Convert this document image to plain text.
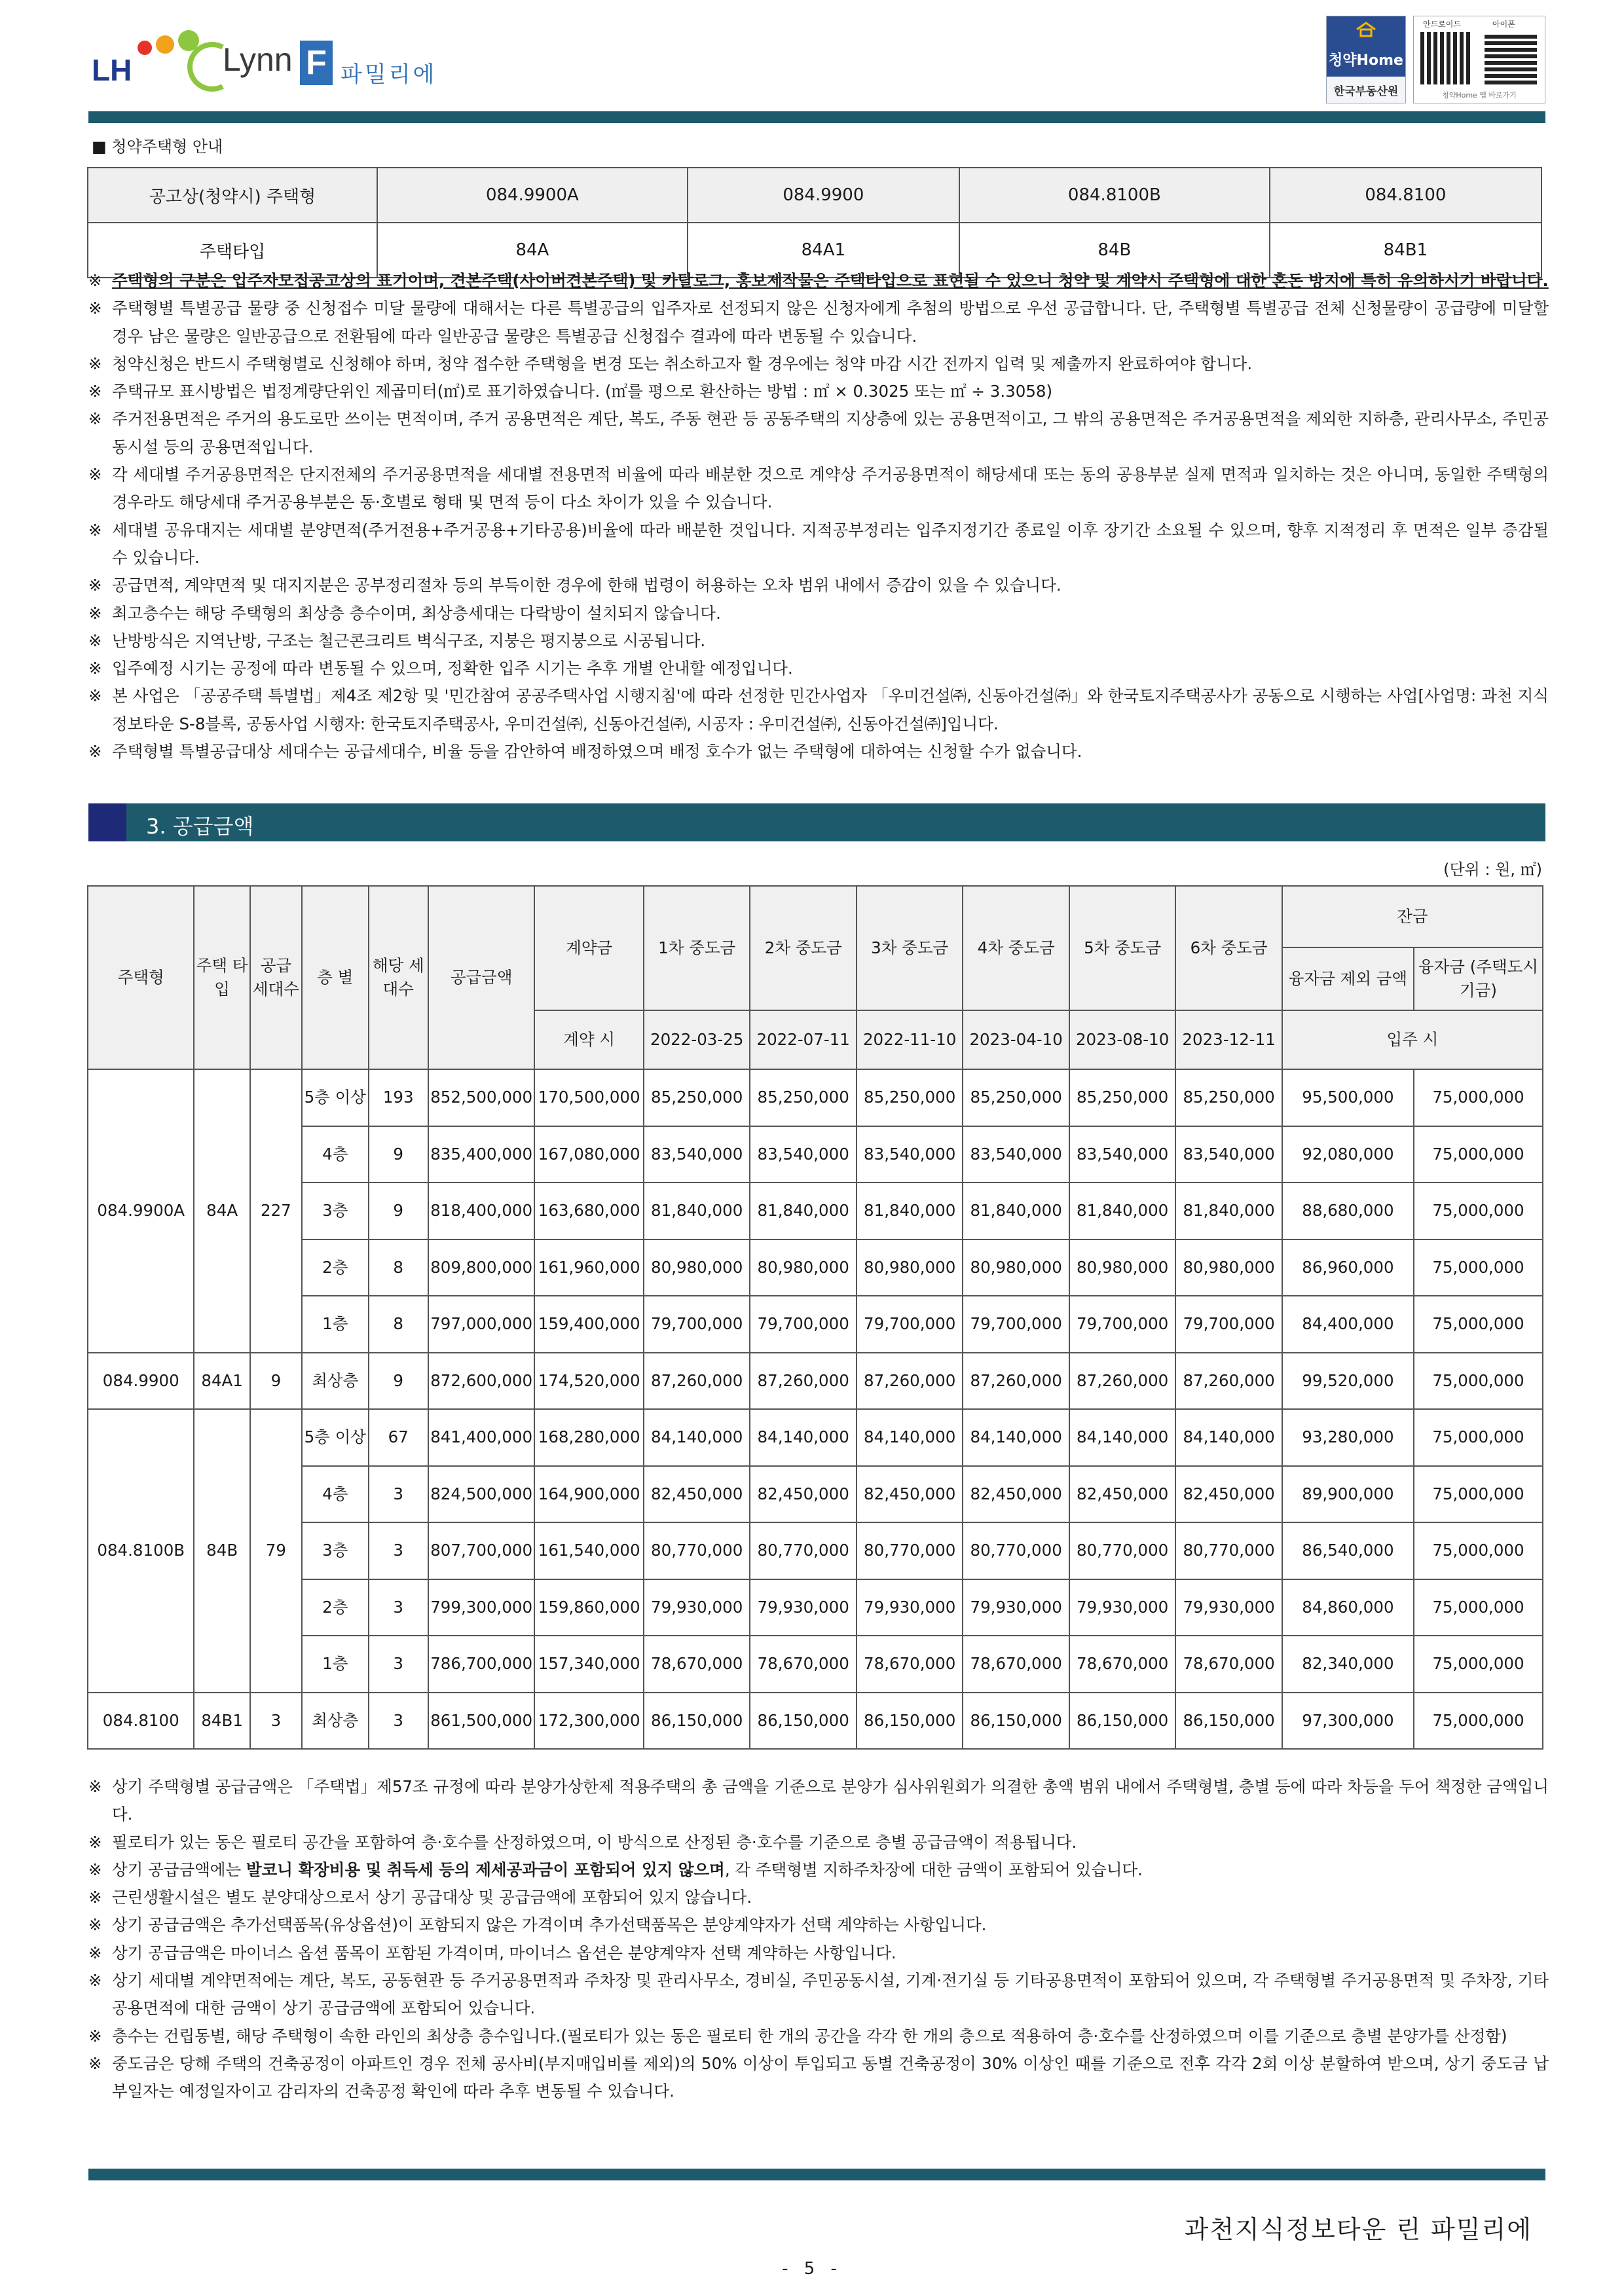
LH	Lynn F 파밀리에
청약Home
한국부동산원
안드로이드	아이폰
청약Home 앱 바로가기
■ 청약주택형 안내
공고상(청약시) 주택형	084.9900A	084.9900	084.8100B	084.8100
주택타입	84A	84A1	84B	84B1
※ 주택형의 구분은 입주자모집공고상의 표기이며, 견본주택(사이버견본주택) 및 카탈로그, 홍보제작물은 주택타입으로 표현될 수 있으니 청약 및 계약시 주택형에 대한 혼돈 방지에 특히 유의하시기 바랍니다.
※ 주택형별 특별공급 물량 중 신청접수 미달 물량에 대해서는 다른 특별공급의 입주자로 선정되지 않은 신청자에게 추첨의 방법으로 우선 공급합니다. 단, 주택형별 특별공급 전체 신청물량이 공급량에 미달할 경우 남은 물량은 일반공급으로 전환됨에 따라 일반공급 물량은 특별공급 신청접수 결과에 따라 변동될 수 있습니다.
※ 청약신청은 반드시 주택형별로 신청해야 하며, 청약 접수한 주택형을 변경 또는 취소하고자 할 경우에는 청약 마감 시간 전까지 입력 및 제출까지 완료하여야 합니다.
※ 주택규모 표시방법은 법정계량단위인 제곱미터(㎡)로 표기하였습니다. (㎡를 평으로 환산하는 방법 : ㎡ × 0.3025 또는 ㎡ ÷ 3.3058)
※ 주거전용면적은 주거의 용도로만 쓰이는 면적이며, 주거 공용면적은 계단, 복도, 주동 현관 등 공동주택의 지상층에 있는 공용면적이고, 그 밖의 공용면적은 주거공용면적을 제외한 지하층, 관리사무소, 주민공동시설 등의 공용면적입니다.
※ 각 세대별 주거공용면적은 단지전체의 주거공용면적을 세대별 전용면적 비율에 따라 배분한 것으로 계약상 주거공용면적이 해당세대 또는 동의 공용부분 실제 면적과 일치하는 것은 아니며, 동일한 주택형의 경우라도 해당세대 주거공용부분은 동·호별로 형태 및 면적 등이 다소 차이가 있을 수 있습니다.
※ 세대별 공유대지는 세대별 분양면적(주거전용+주거공용+기타공용)비율에 따라 배분한 것입니다. 지적공부정리는 입주지정기간 종료일 이후 장기간 소요될 수 있으며, 향후 지적정리 후 면적은 일부 증감될 수 있습니다.
※ 공급면적, 계약면적 및 대지지분은 공부정리절차 등의 부득이한 경우에 한해 법령이 허용하는 오차 범위 내에서 증감이 있을 수 있습니다.
※ 최고층수는 해당 주택형의 최상층 층수이며, 최상층세대는 다락방이 설치되지 않습니다.
※ 난방방식은 지역난방, 구조는 철근콘크리트 벽식구조, 지붕은 평지붕으로 시공됩니다.
※ 입주예정 시기는 공정에 따라 변동될 수 있으며, 정확한 입주 시기는 추후 개별 안내할 예정입니다.
※ 본 사업은 「공공주택 특별법」제4조 제2항 및 '민간참여 공공주택사업 시행지침'에 따라 선정한 민간사업자 「우미건설㈜, 신동아건설㈜」와 한국토지주택공사가 공동으로 시행하는 사업[사업명: 과천 지식정보타운 S-8블록, 공동사업 시행자: 한국토지주택공사, 우미건설㈜, 신동아건설㈜, 시공자 : 우미건설㈜, 신동아건설㈜]입니다.
※ 주택형별 특별공급대상 세대수는 공급세대수, 비율 등을 감안하여 배정하였으며 배정 호수가 없는 주택형에 대하여는 신청할 수가 없습니다.
3. 공급금액
(단위 : 원, ㎡)
주택형	주택 타입	공급 세대수	층 별	해당 세대수	공급금액	계약금	1차 중도금	2차 중도금	3차 중도금	4차 중도금	5차 중도금	6차 중도금	잔금	
													융자금 제외 금액	융자금 (주택도시기금)
						계약 시	2022-03-25	2022-07-11	2022-11-10	2023-04-10	2023-08-10	2023-12-11	입주 시	
084.9900A	84A	227	5층 이상	193	852,500,000	170,500,000	85,250,000	85,250,000	85,250,000	85,250,000	85,250,000	85,250,000	95,500,000	75,000,000
			4층	9	835,400,000	167,080,000	83,540,000	83,540,000	83,540,000	83,540,000	83,540,000	83,540,000	92,080,000	75,000,000
			3층	9	818,400,000	163,680,000	81,840,000	81,840,000	81,840,000	81,840,000	81,840,000	81,840,000	88,680,000	75,000,000
			2층	8	809,800,000	161,960,000	80,980,000	80,980,000	80,980,000	80,980,000	80,980,000	80,980,000	86,960,000	75,000,000
			1층	8	797,000,000	159,400,000	79,700,000	79,700,000	79,700,000	79,700,000	79,700,000	79,700,000	84,400,000	75,000,000
084.9900	84A1	9	최상층	9	872,600,000	174,520,000	87,260,000	87,260,000	87,260,000	87,260,000	87,260,000	87,260,000	99,520,000	75,000,000
084.8100B	84B	79	5층 이상	67	841,400,000	168,280,000	84,140,000	84,140,000	84,140,000	84,140,000	84,140,000	84,140,000	93,280,000	75,000,000
			4층	3	824,500,000	164,900,000	82,450,000	82,450,000	82,450,000	82,450,000	82,450,000	82,450,000	89,900,000	75,000,000
			3층	3	807,700,000	161,540,000	80,770,000	80,770,000	80,770,000	80,770,000	80,770,000	80,770,000	86,540,000	75,000,000
			2층	3	799,300,000	159,860,000	79,930,000	79,930,000	79,930,000	79,930,000	79,930,000	79,930,000	84,860,000	75,000,000
			1층	3	786,700,000	157,340,000	78,670,000	78,670,000	78,670,000	78,670,000	78,670,000	78,670,000	82,340,000	75,000,000
084.8100	84B1	3	최상층	3	861,500,000	172,300,000	86,150,000	86,150,000	86,150,000	86,150,000	86,150,000	86,150,000	97,300,000	75,000,000
※ 상기 주택형별 공급금액은 「주택법」제57조 규정에 따라 분양가상한제 적용주택의 총 금액을 기준으로 분양가 심사위원회가 의결한 총액 범위 내에서 주택형별, 층별 등에 따라 차등을 두어 책정한 금액입니다.
※ 필로티가 있는 동은 필로티 공간을 포함하여 층·호수를 산정하였으며, 이 방식으로 산정된 층·호수를 기준으로 층별 공급금액이 적용됩니다.
※ 상기 공급금액에는 발코니 확장비용 및 취득세 등의 제세공과금이 포함되어 있지 않으며, 각 주택형별 지하주차장에 대한 금액이 포함되어 있습니다.
※ 근린생활시설은 별도 분양대상으로서 상기 공급대상 및 공급금액에 포함되어 있지 않습니다.
※ 상기 공급금액은 추가선택품목(유상옵션)이 포함되지 않은 가격이며 추가선택품목은 분양계약자가 선택 계약하는 사항입니다.
※ 상기 공급금액은 마이너스 옵션 품목이 포함된 가격이며, 마이너스 옵션은 분양계약자 선택 계약하는 사항입니다.
※ 상기 세대별 계약면적에는 계단, 복도, 공동현관 등 주거공용면적과 주차장 및 관리사무소, 경비실, 주민공동시설, 기계·전기실 등 기타공용면적이 포함되어 있으며, 각 주택형별 주거공용면적 및 주차장, 기타공용면적에 대한 금액이 상기 공급금액에 포함되어 있습니다.
※ 층수는 건립동별, 해당 주택형이 속한 라인의 최상층 층수입니다.(필로티가 있는 동은 필로티 한 개의 공간을 각각 한 개의 층으로 적용하여 층·호수를 산정하였으며 이를 기준으로 층별 분양가를 산정함)
※ 중도금은 당해 주택의 건축공정이 아파트인 경우 전체 공사비(부지매입비를 제외)의 50% 이상이 투입되고 동별 건축공정이 30% 이상인 때를 기준으로 전후 각각 2회 이상 분할하여 받으며, 상기 중도금 납부일자는 예정일자이고 감리자의 건축공정 확인에 따라 추후 변동될 수 있습니다.
과천지식정보타운 린 파밀리에
- 5 -
